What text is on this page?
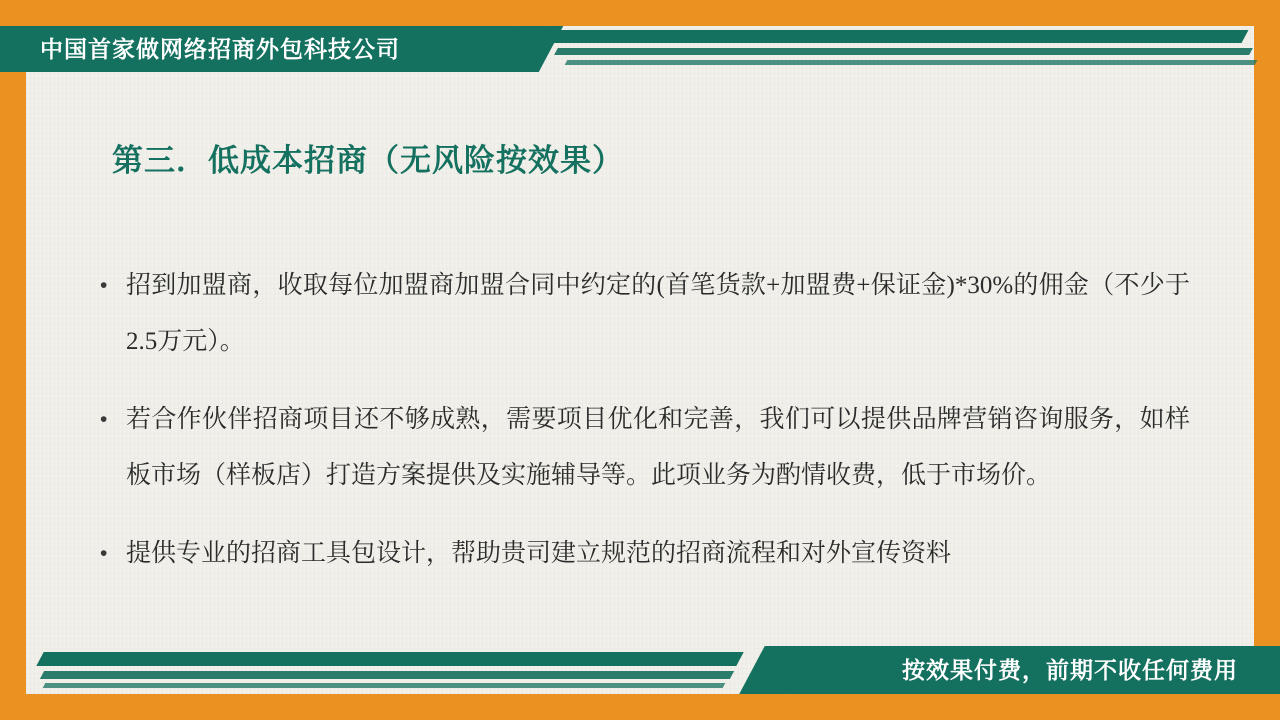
中国首家做网络招商外包科技公司
第三．低成本招商（无风险按效果）
• 招到加盟商，收取每位加盟商加盟合同中约定的(首笔货款+加盟费+保证金)*30%的佣金（不少于2.5万元）。
• 若合作伙伴招商项目还不够成熟，需要项目优化和完善，我们可以提供品牌营销咨询服务，如样板市场（样板店）打造方案提供及实施辅导等。此项业务为酌情收费，低于市场价。
• 提供专业的招商工具包设计，帮助贵司建立规范的招商流程和对外宣传资料
按效果付费，前期不收任何费用
